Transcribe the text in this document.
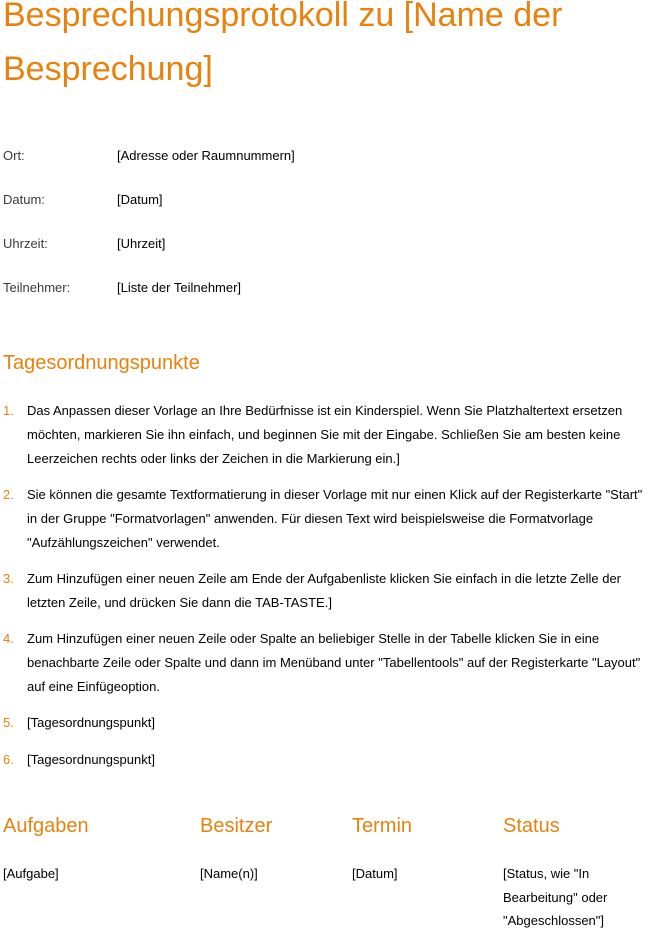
Besprechungsprotokoll zu [Name der Besprechung]
Ort:	[Adresse oder Raumnummern]
Datum:	[Datum]
Uhrzeit:	[Uhrzeit]
Teilnehmer:	[Liste der Teilnehmer]
Tagesordnungspunkte
1. Das Anpassen dieser Vorlage an Ihre Bedürfnisse ist ein Kinderspiel. Wenn Sie Platzhaltertext ersetzen möchten, markieren Sie ihn einfach, und beginnen Sie mit der Eingabe. Schließen Sie am besten keine Leerzeichen rechts oder links der Zeichen in die Markierung ein.]
2. Sie können die gesamte Textformatierung in dieser Vorlage mit nur einen Klick auf der Registerkarte "Start" in der Gruppe "Formatvorlagen" anwenden. Für diesen Text wird beispielsweise die Formatvorlage "Aufzählungszeichen" verwendet.
3. Zum Hinzufügen einer neuen Zeile am Ende der Aufgabenliste klicken Sie einfach in die letzte Zelle der letzten Zeile, und drücken Sie dann die TAB-TASTE.]
4. Zum Hinzufügen einer neuen Zeile oder Spalte an beliebiger Stelle in der Tabelle klicken Sie in eine benachbarte Zeile oder Spalte und dann im Menüband unter "Tabellentools" auf der Registerkarte "Layout" auf eine Einfügeoption.
5. [Tagesordnungspunkt]
6. [Tagesordnungspunkt]
Aufgaben	Besitzer	Termin	Status
[Aufgabe]	[Name(n)]	[Datum]	[Status, wie "In Bearbeitung" oder "Abgeschlossen"]
